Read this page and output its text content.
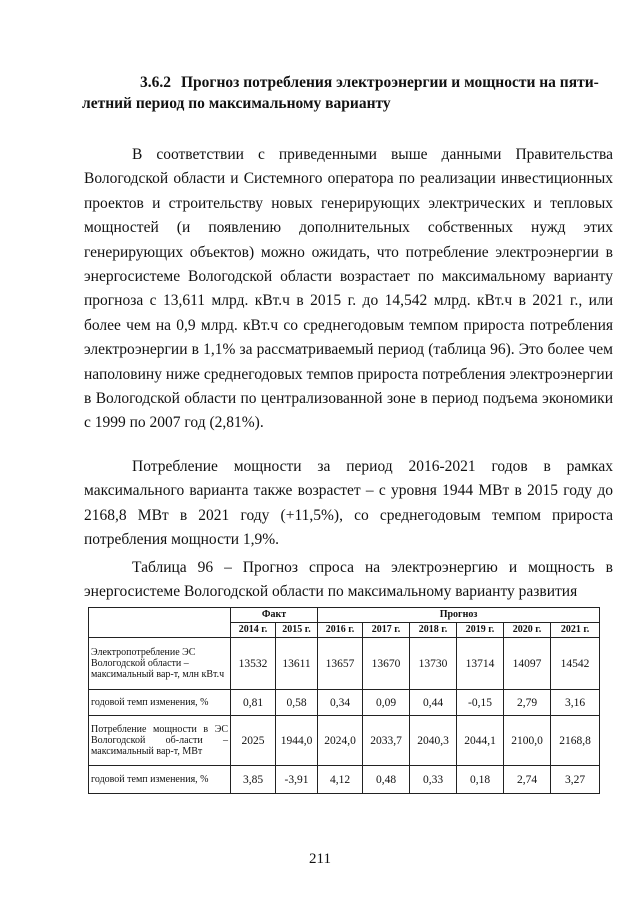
3.6.2 Прогноз потребления электроэнергии и мощности на пяти-летний период по максимальному варианту

В соответствии с приведенными выше данными Правительства Вологодской области и Системного оператора по реализации инвестиционных проектов и строительству новых генерирующих электрических и тепловых мощностей (и появлению дополнительных собственных нужд этих генерирующих объектов) можно ожидать, что потребление электроэнергии в энергосистеме Вологодской области возрастает по максимальному варианту прогноза с 13,611 млрд. кВт.ч в 2015 г. до 14,542 млрд. кВт.ч в 2021 г., или более чем на 0,9 млрд. кВт.ч со среднегодовым темпом прироста потребления электроэнергии в 1,1% за рассматриваемый период (таблица 96). Это более чем наполовину ниже среднегодовых темпов прироста потребления электроэнергии в Вологодской области по централизованной зоне в период подъема экономики с 1999 по 2007 год (2,81%).

Потребление мощности за период 2016-2021 годов в рамках максимального варианта также возрастет – с уровня 1944 МВт в 2015 году до 2168,8 МВт в 2021 году (+11,5%), со среднегодовым темпом прироста потребления мощности 1,9%.

Таблица 96 – Прогноз спроса на электроэнергию и мощность в энергосистеме Вологодской области по максимальному варианту развития

	Факт		Прогноз					
	2014 г.	2015 г.	2016 г.	2017 г.	2018 г.	2019 г.	2020 г.	2021 г.
Электропотребление ЭС Вологодской области – максимальный вар-т, млн кВт.ч	13532	13611	13657	13670	13730	13714	14097	14542
годовой темп изменения, %	0,81	0,58	0,34	0,09	0,44	-0,15	2,79	3,16
Потребление мощности в ЭС Вологодской об-ласти – максимальный вар-т, МВт	2025	1944,0	2024,0	2033,7	2040,3	2044,1	2100,0	2168,8
годовой темп изменения, %	3,85	-3,91	4,12	0,48	0,33	0,18	2,74	3,27
211
